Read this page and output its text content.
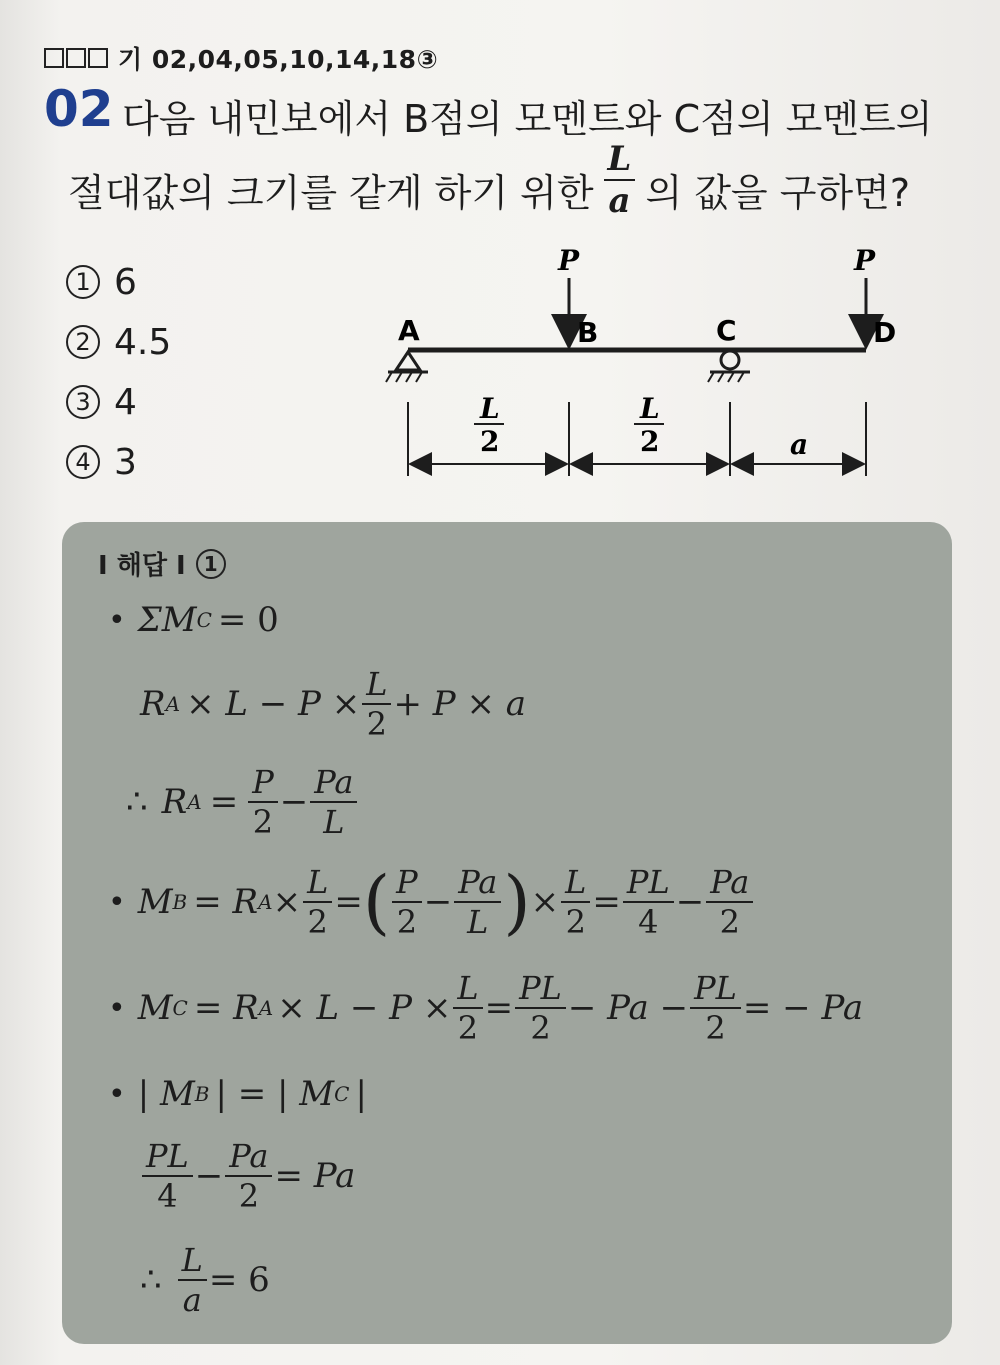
기 02,04,05,10,14,18③
02 다음 내민보에서 B점의 모멘트와 C점의 모멘트의
절대값의 크기를 같게 하기 위한 $\frac{L}{a}$ 의 값을 구하면?
1 6
2 4.5
3 4
4 3
P	P
A	B	C	D
L
2
L
2	a
I 해답 I 1
• ΣM C = 0
R $A \times L - P \times \frac{L}{2} + P \times a$
∴ R $A = \frac{P}{2} - \frac{Pa}{L}$
• M B = R $A \times \frac{L}{2}$ = ( $\frac{P}{2} - \frac{Pa}{L}$ ) × $\frac{L}{2} = \frac{PL}{4} - \frac{Pa}{2}$
• M C = R $A \times L - P \times \frac{L}{2} = \frac{PL}{2} - Pa - \frac{PL}{2}$ = − Pa
• | M B | = | M C |
$\frac{PL}{4} - \frac{Pa}{2} = Pa$
∴ $\frac{L}{a} = 6$
